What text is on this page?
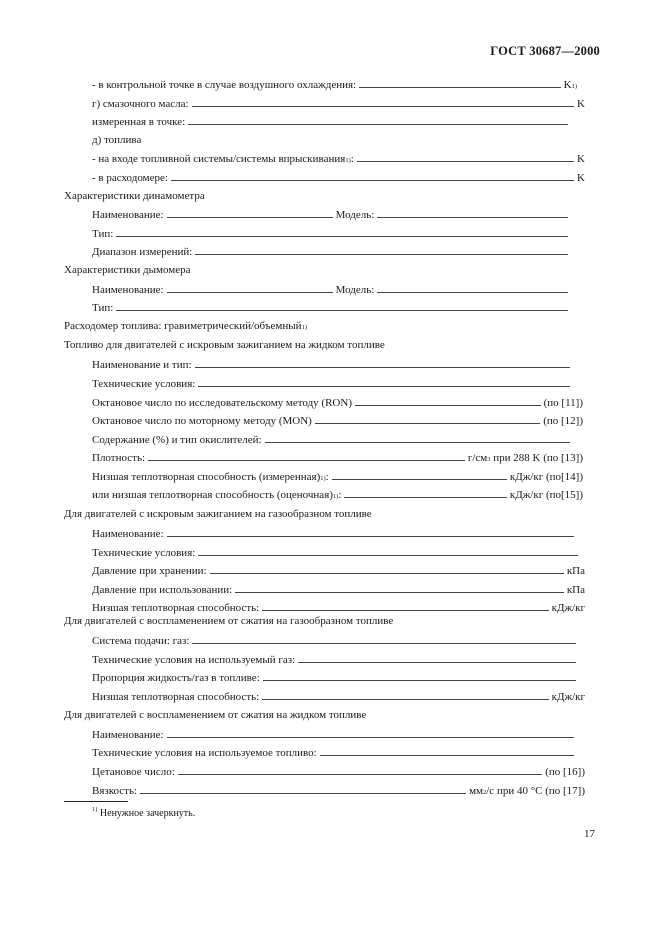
ГОСТ 30687—2000
- в контрольной точке в случае воздушного охлаждения:	K 1)
г) смазочного масла:	K
измеренная в точке:
д) топлива
- на входе топливной системы/системы впрыскивания 1) :	K
- в расходомере:	K
Характеристики динамометра
Наименование:	Модель:
Тип:
Диапазон измерений:
Характеристики дымомера
Наименование:	Модель:
Тип:
Расходомер топлива: гравиметрический/объемный 1)
Топливо для двигателей с искровым зажиганием на жидком топливе
Наименование и тип:
Технические условия:
Октановое число по исследовательскому методу (RON)	(по [11])
Октановое число по моторному методу (MON)	(по [12])
Содержание (%) и тип окислителей:
Плотность:	г/см 3 при 288 K (по [13])
Низшая теплотворная способность (измеренная) 1) :	кДж/кг (по[14])
или низшая теплотворная способность (оценочная) 1) :	кДж/кг (по[15])
Для двигателей с искровым зажиганием на газообразном топливе
Наименование:
Технические условия:
Давление при хранении:	кПа
Давление при использовании:	кПа
Низшая теплотворная способность:	кДж/кг
Для двигателей с воспламенением от сжатия на газообразном топливе
Система подачи: газ:
Технические условия на используемый газ:
Пропорция жидкость/газ в топливе:
Низшая теплотворная способность:	кДж/кг
Для двигателей с воспламенением от сжатия на жидком топливе
Наименование:
Технические условия на используемое топливо:
Цетановое число:	(по [16])
Вязкость:	мм 2 /с при 40 °С (по [17])
$^{1)}$ Ненужное зачеркнуть.
17
